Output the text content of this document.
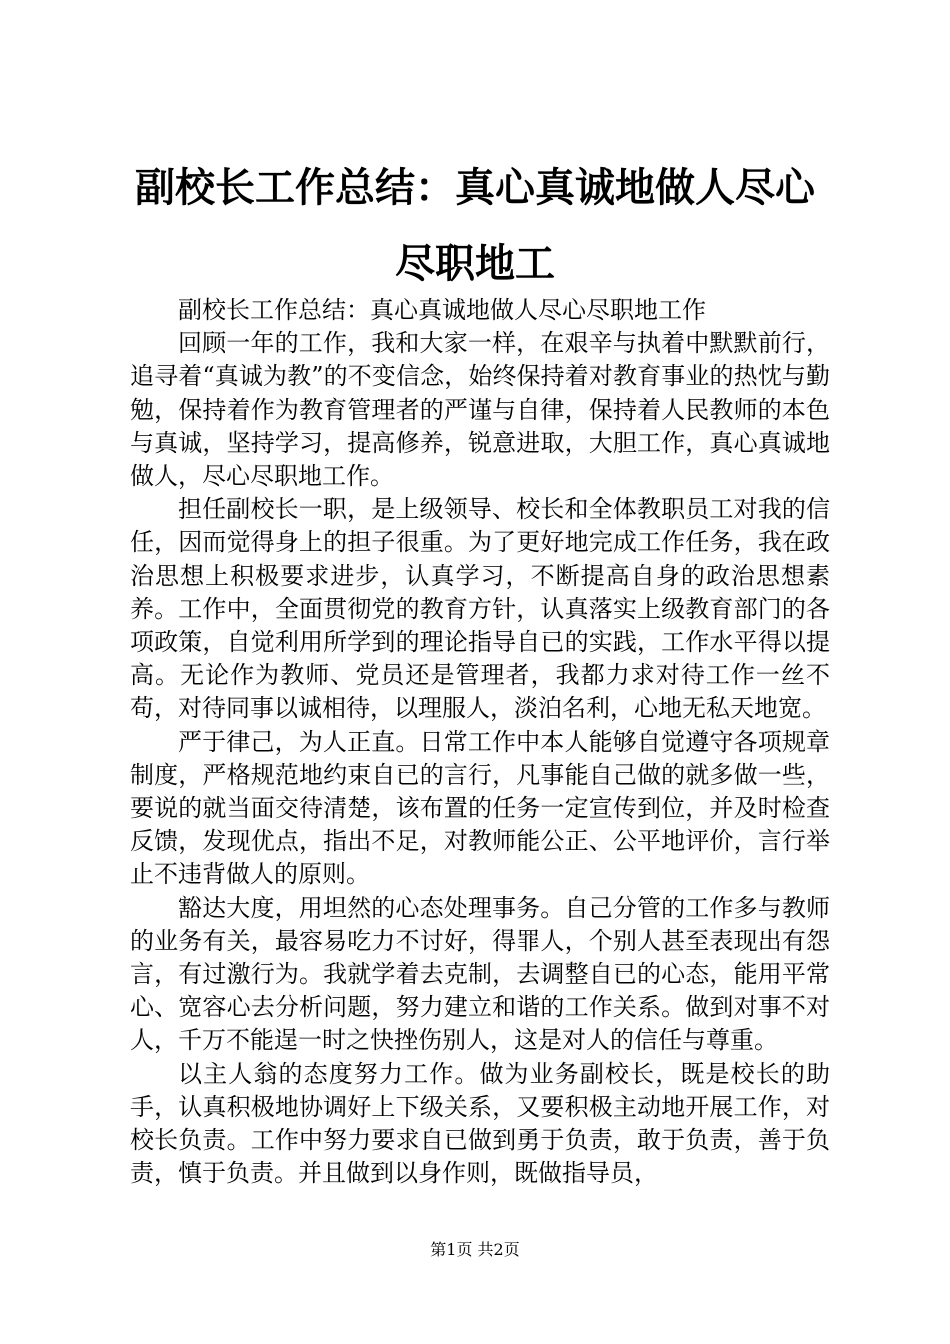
副校长工作总结：真心真诚地做人尽心尽职地工

副校长工作总结：真心真诚地做人尽心尽职地工作

回顾一年的工作，我和大家一样，在艰辛与执着中默默前行，追寻着“真诚为教”的不变信念，始终保持着对教育事业的热忱与勤勉，保持着作为教育管理者的严谨与自律，保持着人民教师的本色与真诚，坚持学习，提高修养，锐意进取，大胆工作，真心真诚地做人，尽心尽职地工作。

担任副校长一职，是上级领导、校长和全体教职员工对我的信任，因而觉得身上的担子很重。为了更好地完成工作任务，我在政治思想上积极要求进步，认真学习，不断提高自身的政治思想素养。工作中，全面贯彻党的教育方针，认真落实上级教育部门的各项政策，自觉利用所学到的理论指导自已的实践，工作水平得以提高。无论作为教师、党员还是管理者，我都力求对待工作一丝不苟，对待同事以诚相待，以理服人，淡泊名利，心地无私天地宽。

严于律己，为人正直。日常工作中本人能够自觉遵守各项规章制度，严格规范地约束自已的言行，凡事能自己做的就多做一些，要说的就当面交待清楚，该布置的任务一定宣传到位，并及时检查反馈，发现优点，指出不足，对教师能公正、公平地评价，言行举止不违背做人的原则。

豁达大度，用坦然的心态处理事务。自己分管的工作多与教师的业务有关，最容易吃力不讨好，得罪人，个别人甚至表现出有怨言，有过激行为。我就学着去克制，去调整自已的心态，能用平常心、宽容心去分析问题，努力建立和谐的工作关系。做到对事不对人，千万不能逞一时之快挫伤别人，这是对人的信任与尊重。

以主人翁的态度努力工作。做为业务副校长，既是校长的助手，认真积极地协调好上下级关系，又要积极主动地开展工作，对校长负责。工作中努力要求自已做到勇于负责，敢于负责，善于负责，慎于负责。并且做到以身作则，既做指导员，

第1页 共2页
